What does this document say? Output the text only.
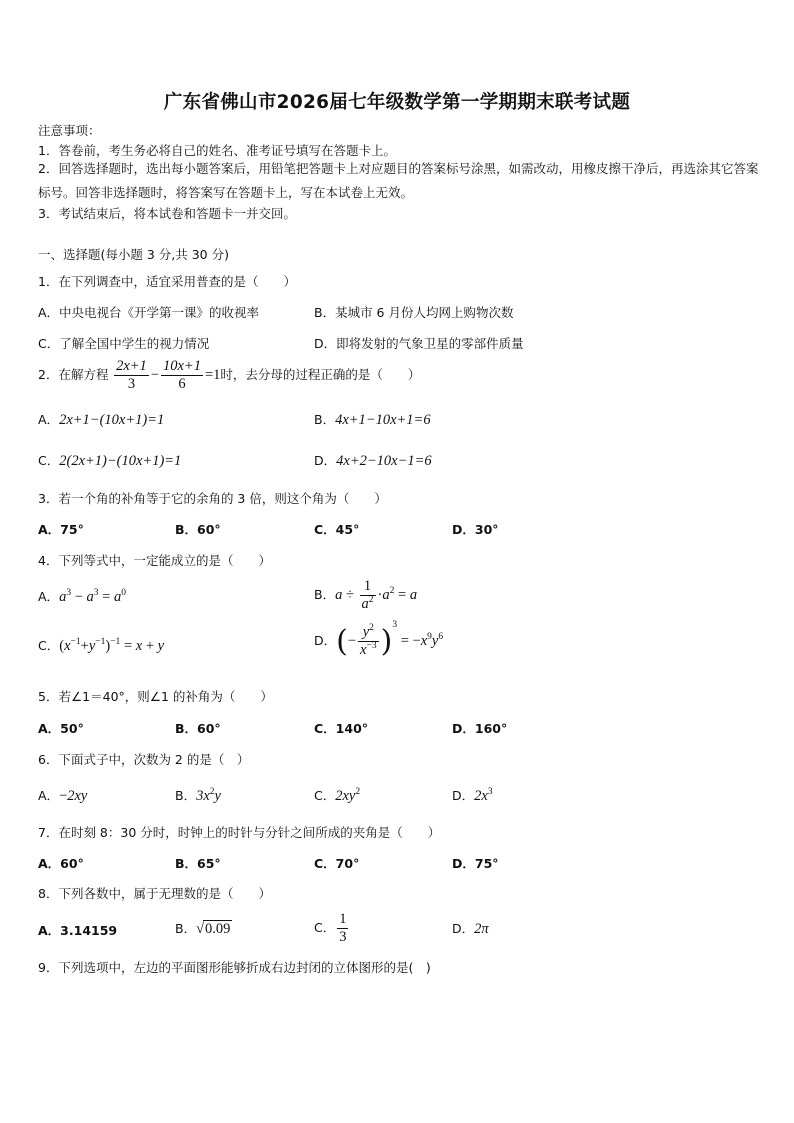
广东省佛山市2026届七年级数学第一学期期末联考试题
注意事项：
1．答卷前，考生务必将自己的姓名、准考证号填写在答题卡上。
2．回答选择题时，选出每小题答案后，用铅笔把答题卡上对应题目的答案标号涂黑，如需改动，用橡皮擦干净后，再选涂其它答案标号。回答非选择题时，将答案写在答题卡上，写在本试卷上无效。
3．考试结束后，将本试卷和答题卡一并交回。
一、选择题(每小题 3 分,共 30 分)
1．在下列调查中，适宜采用普查的是（　　）
A．中央电视台《开学第一课》的收视率	B．某城市 6 月份人均网上购物次数
C．了解全国中学生的视力情况	D．即将发射的气象卫星的零部件质量
2．在解方程 $\frac{2x+1}{3} - \frac{10x+1}{6} =1$时，去分母的过程正确的是（　　）
A．2x+1−(10x+1)=1	B．4x+1−10x+1=6
C．2(2x+1)−(10x+1)=1	D．4x+2−10x−1=6
3．若一个角的补角等于它的余角的 3 倍，则这个角为（　　）
A．75°	B．60°	C．45°	D．30°
4．下列等式中，一定能成立的是（　　）
A．$a^3 - a^3 = a^0$	B．$a \div \frac{1}{a^2} \cdot a^2 = a$
C．$(x^{-1}+y^{-1})^{-1} = x + y$	D．(− $\frac{y^2}{x^{-3}} )^3 = -x^9y^6$
5．若∠1＝40°，则∠1 的补角为（　　）
A．50°	B．60°	C．140°	D．160°
6．下面式子中，次数为 2 的是（　）
A．−2xy	B．$3x^2y$	C．$2xy^2$	D．$2x^3$
7．在时刻 8：30 分时，时钟上的时针与分针之间所成的夹角是（　　）
A．60°	B．65°	C．70°	D．75°
8．下列各数中，属于无理数的是（　　）
A．3.14159	B．√0.09	C． $\frac{1}{3}$	D．2π
9．下列选项中，左边的平面图形能够折成右边封闭的立体图形的是(　)
